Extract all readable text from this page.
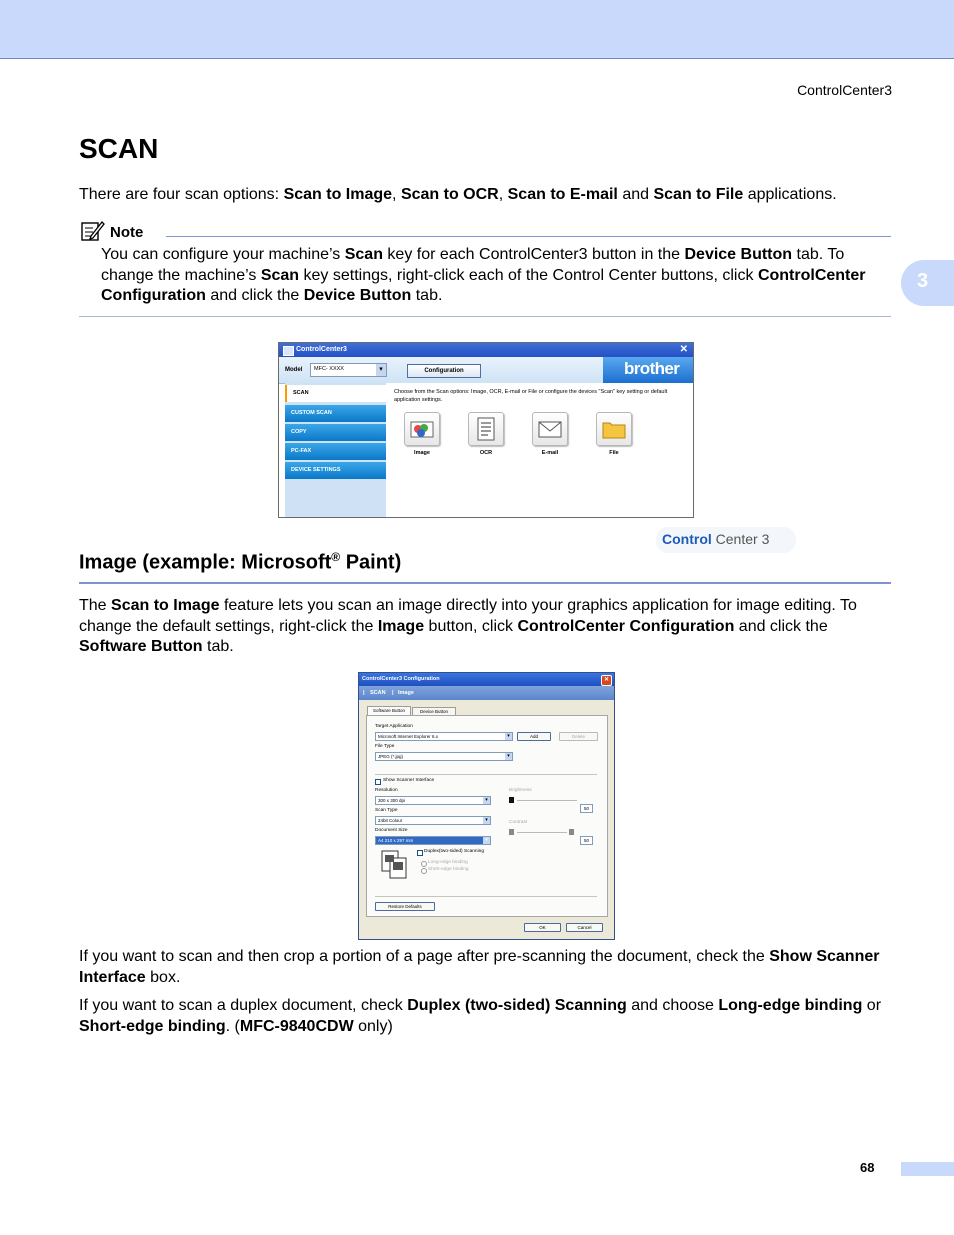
ControlCenter3
3
SCAN

There are four scan options: Scan to Image, Scan to OCR, Scan to E-mail and Scan to File applications.

Note

You can configure your machine’s Scan key for each ControlCenter3 button in the Device Button tab. To change the machine’s Scan key settings, right-click each of the Control Center buttons, click ControlCenter Configuration and click the Device Button tab.

ControlCenter3	✕
Model MFC- XXXX	▾	Configuration	brother
SCAN
CUSTOM SCAN
COPY
PC-FAX
DEVICE SETTINGS
Choose from the Scan options: Image, OCR, E-mail or File or configure the devices "Scan" key setting or default application settings.
Image	OCR	E-mail	File
Control Center 3
Image (example: Microsoft® Paint)

The Scan to Image feature lets you scan an image directly into your graphics application for image editing. To change the default settings, right-click the Image button, click ControlCenter Configuration and click the Software Button tab.

ControlCenter3 Configuration	✕
| SCAN | Image
Software Button	Device Button
Target Application
Microsoft Internet Explorer 6.x	▾	Add	Delete
File Type
JPEG (*.jpg)	▾
Show Scanner Interface
Resolution
300 x 300 dpi	▾
Scan Type
24bit Colour	▾
Document Size
A4 210 x 297 mm	▾
Brightness
50
Contrast
50
Duplex(two-sided) Scanning
Long-edge binding
Short-edge binding
Restore Defaults
OK	Cancel

If you want to scan and then crop a portion of a page after pre-scanning the document, check the Show Scanner Interface box.

If you want to scan a duplex document, check Duplex (two-sided) Scanning and choose Long-edge binding or Short-edge binding. (MFC-9840CDW only)

68
